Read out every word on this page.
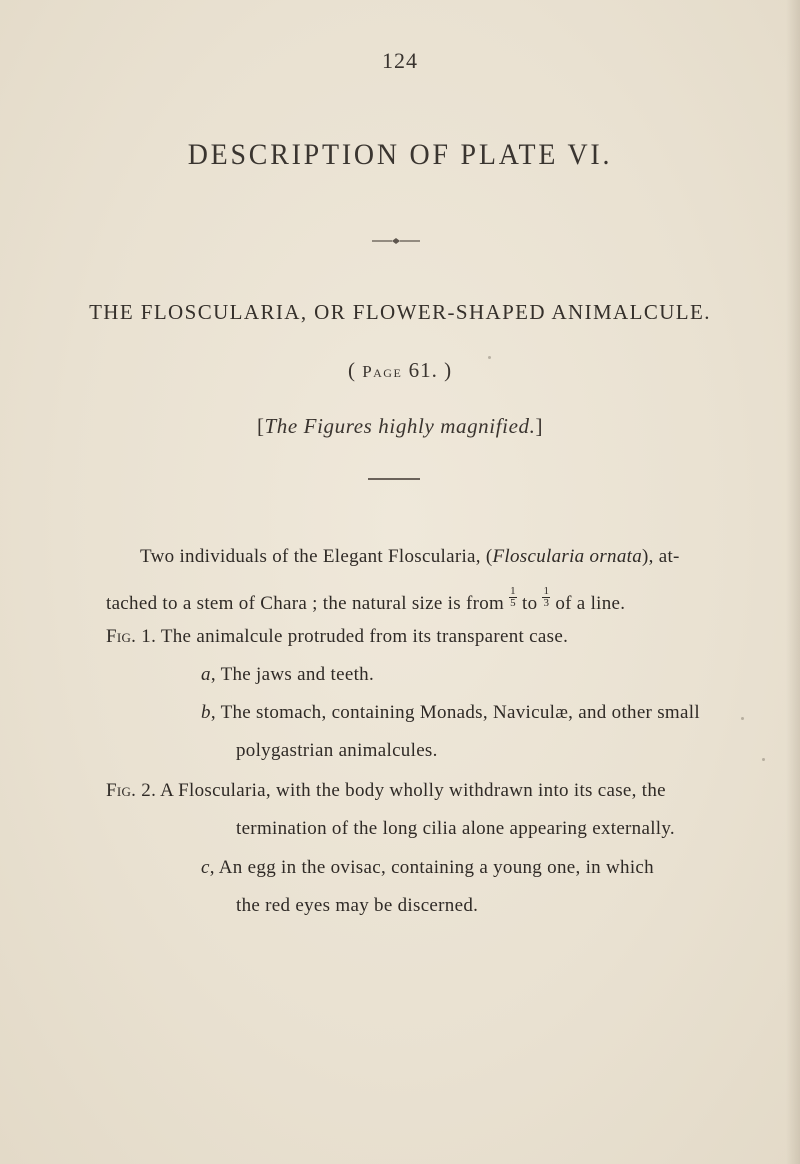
124
DESCRIPTION OF PLATE VI.
THE FLOSCULARIA, OR FLOWER-SHAPED ANIMALCULE.
( Page 61. )
[The Figures highly magnified.]
Two individuals of the Elegant Floscularia, (Floscularia ornata), at-
tached to a stem of Chara ; the natural size is from $\frac{1}{5}$ to $\frac{1}{3}$ of a line.
Fig. 1. The animalcule protruded from its transparent case.
a, The jaws and teeth.
b, The stomach, containing Monads, Naviculæ, and other small
polygastrian animalcules.
Fig. 2. A Floscularia, with the body wholly withdrawn into its case, the
termination of the long cilia alone appearing externally.
c, An egg in the ovisac, containing a young one, in which
the red eyes may be discerned.
